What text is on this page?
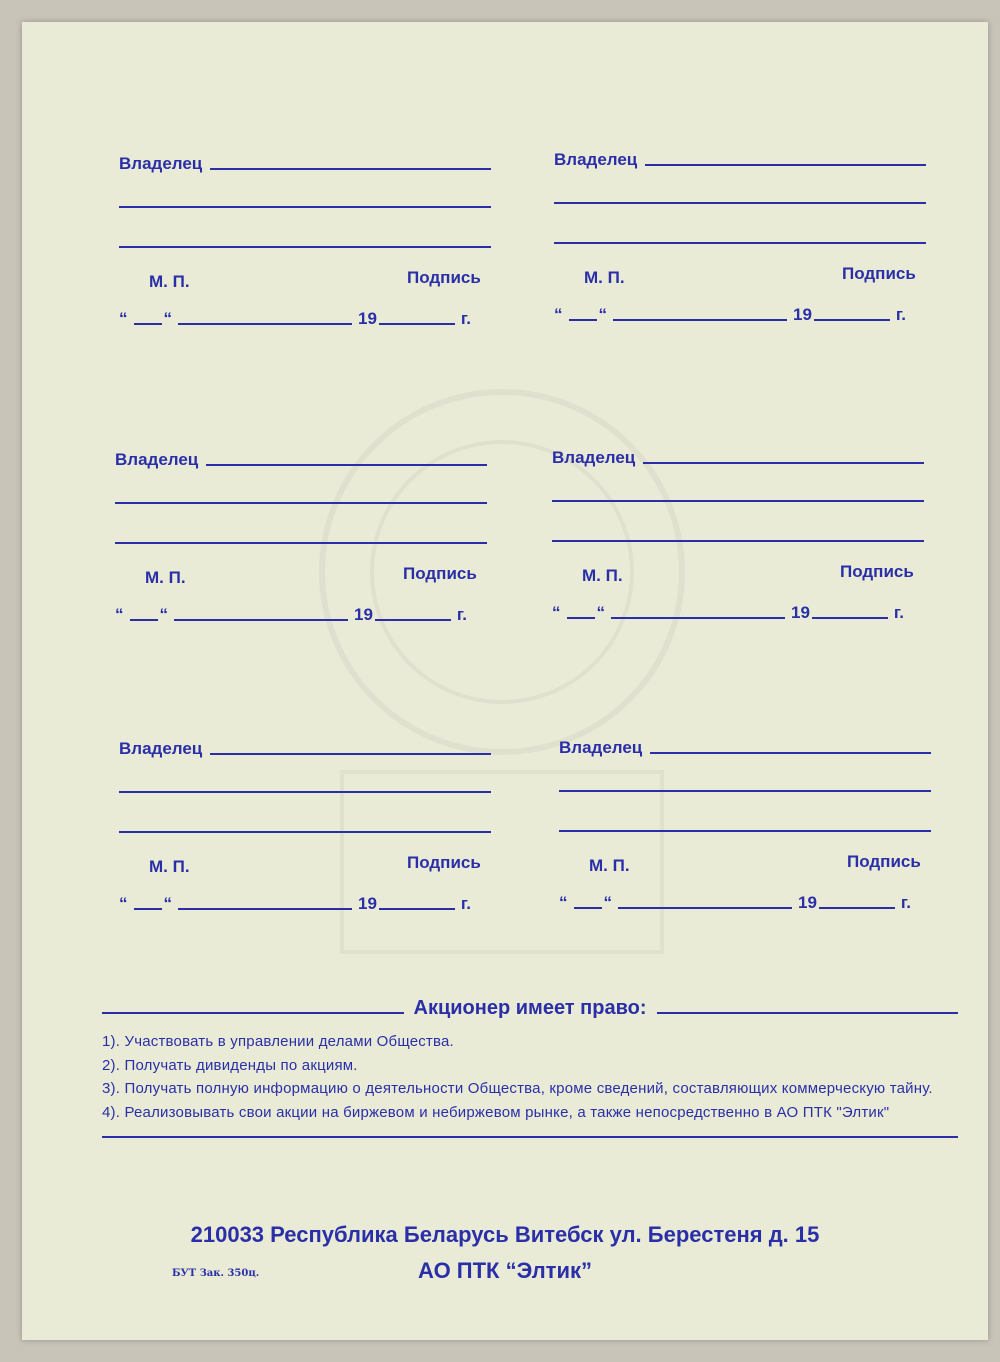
Владелец
М. П.	Подпись
“ “	19	г.
Владелец
М. П.	Подпись
“ “	19	г.
Владелец
М. П.	Подпись
“ “	19	г.
Владелец
М. П.	Подпись
“ “	19	г.
Владелец
М. П.	Подпись
“ “	19	г.
Владелец
М. П.	Подпись
“ “	19	г.
Акционер имеет право:
1). Участвовать в управлении делами Общества.
2). Получать дивиденды по акциям.
3). Получать полную информацию о деятельности Общества, кроме сведений, составляющих коммерческую тайну.
4). Реализовывать свои акции на биржевом и небиржевом рынке, а также непосредственно в АО ПТК "Элтик"
210033 Республика Беларусь Витебск ул. Берестеня д. 15
БУТ Зак. 350ц.	АО ПТК “Элтик”
